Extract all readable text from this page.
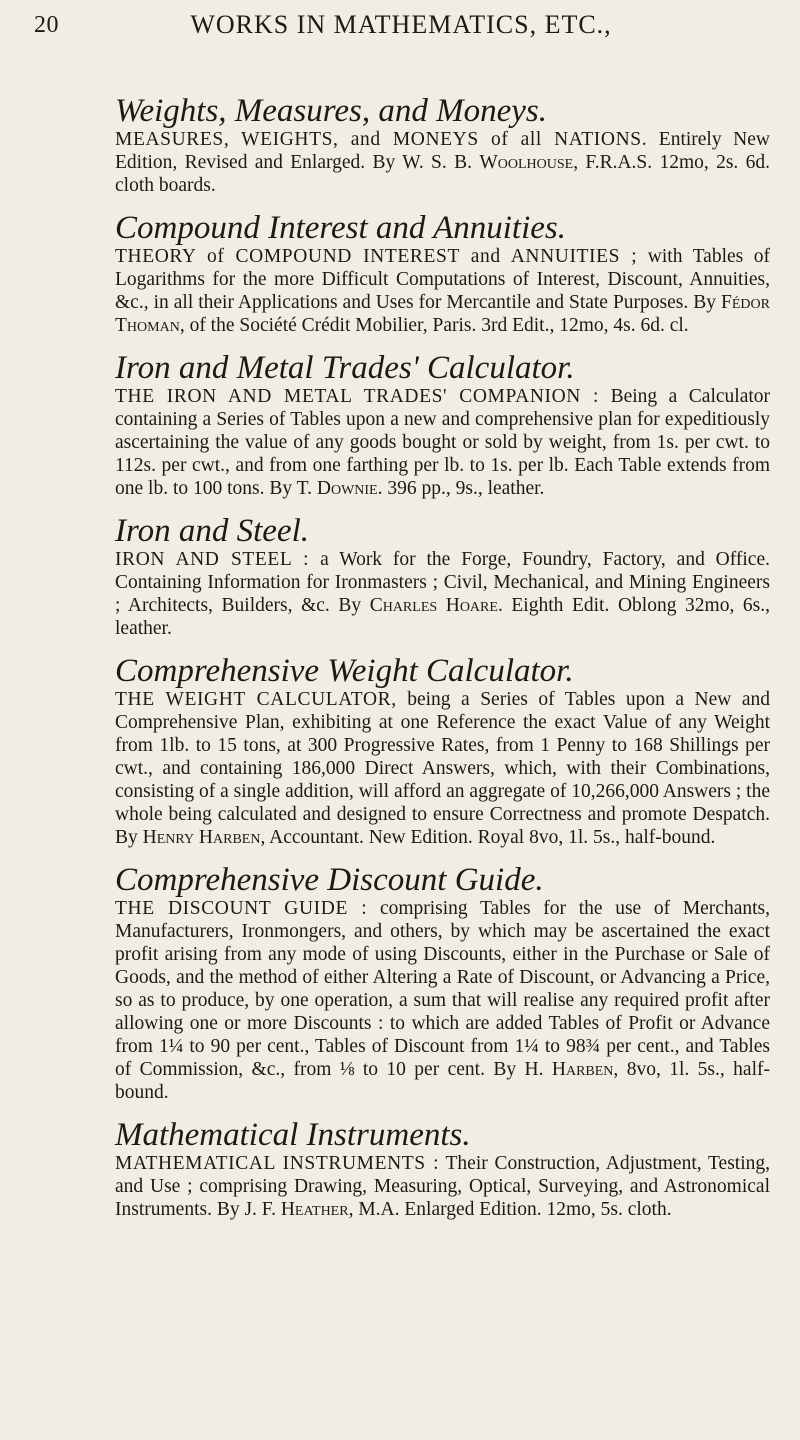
20	WORKS IN MATHEMATICS, ETC.,
Weights, Measures, and Moneys.

MEASURES, WEIGHTS, and MONEYS of all NATIONS. Entirely New Edition, Revised and Enlarged. By W. S. B. Woolhouse, F.R.A.S. 12mo, 2s. 6d. cloth boards.

Compound Interest and Annuities.

THEORY of COMPOUND INTEREST and ANNUITIES ; with Tables of Logarithms for the more Difficult Computations of Interest, Discount, Annuities, &c., in all their Applications and Uses for Mercantile and State Purposes. By Fédor Thoman, of the Société Crédit Mobilier, Paris. 3rd Edit., 12mo, 4s. 6d. cl.

Iron and Metal Trades' Calculator.

THE IRON AND METAL TRADES' COMPANION : Being a Calculator containing a Series of Tables upon a new and comprehensive plan for expeditiously ascertaining the value of any goods bought or sold by weight, from 1s. per cwt. to 112s. per cwt., and from one farthing per lb. to 1s. per lb. Each Table extends from one lb. to 100 tons. By T. Downie. 396 pp., 9s., leather.

Iron and Steel.

IRON AND STEEL : a Work for the Forge, Foundry, Factory, and Office. Containing Information for Ironmasters ; Civil, Mechanical, and Mining Engineers ; Architects, Builders, &c. By Charles Hoare. Eighth Edit. Oblong 32mo, 6s., leather.

Comprehensive Weight Calculator.

THE WEIGHT CALCULATOR, being a Series of Tables upon a New and Comprehensive Plan, exhibiting at one Reference the exact Value of any Weight from 1lb. to 15 tons, at 300 Progressive Rates, from 1 Penny to 168 Shillings per cwt., and containing 186,000 Direct Answers, which, with their Combinations, consisting of a single addition, will afford an aggregate of 10,266,000 Answers ; the whole being calculated and designed to ensure Correctness and promote Despatch. By Henry Harben, Accountant. New Edition. Royal 8vo, 1l. 5s., half-bound.

Comprehensive Discount Guide.

THE DISCOUNT GUIDE : comprising Tables for the use of Merchants, Manufacturers, Ironmongers, and others, by which may be ascertained the exact profit arising from any mode of using Discounts, either in the Purchase or Sale of Goods, and the method of either Altering a Rate of Discount, or Advancing a Price, so as to produce, by one operation, a sum that will realise any required profit after allowing one or more Discounts : to which are added Tables of Profit or Advance from 1¼ to 90 per cent., Tables of Discount from 1¼ to 98¾ per cent., and Tables of Commission, &c., from ⅛ to 10 per cent. By H. Harben, 8vo, 1l. 5s., half-bound.

Mathematical Instruments.

MATHEMATICAL INSTRUMENTS : Their Construction, Adjustment, Testing, and Use ; comprising Drawing, Measuring, Optical, Surveying, and Astronomical Instruments. By J. F. Heather, M.A. Enlarged Edition. 12mo, 5s. cloth.
